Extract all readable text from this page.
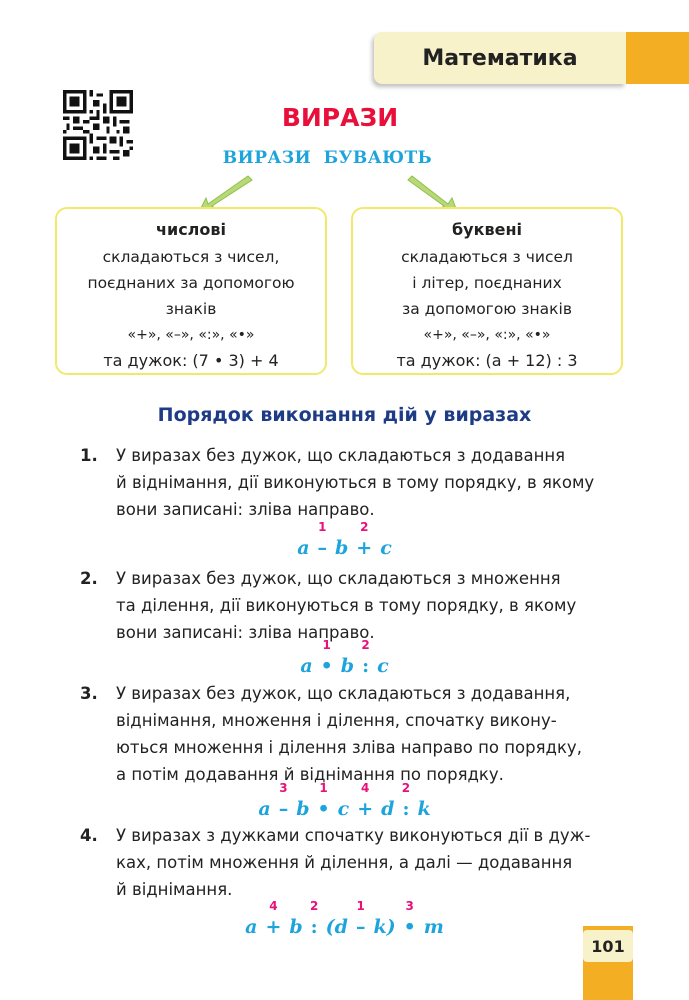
Математика
ВИРАЗИ
ВИРАЗИ БУВАЮТЬ
числові
складаються з чисел,
поєднаних за допомогою
знаків
«+», «–», «:», «•»
та дужок: (7 • 3) + 4
буквені
складаються з чисел
і літер, поєднаних
за допомогою знаків
«+», «–», «:», «•»
та дужок: (a + 12) : 3
Порядок виконання дій у виразах
1. У виразах без дужок, що складаються з додавання
й віднімання, дії виконуються в тому порядку, в якому
вони записані: зліва направо.
a –
1
b +
2
c
2. У виразах без дужок, що складаються з множення
та ділення, дії виконуються в тому порядку, в якому
вони записані: зліва направо.
a •
1
b :
2
c
3. У виразах без дужок, що складаються з додавання,
віднімання, множення і ділення, спочатку викону-
ються множення і ділення зліва направо по порядку,
а потім додавання й віднімання по порядку.
a –
3
b •
1
c +
4
d :
2
k
4. У виразах з дужками спочатку виконуються дії в дуж-
ках, потім множення й ділення, а далі — додавання
й віднімання.
a +
4
b :
2
(d –
1
k) •
3
m
101
